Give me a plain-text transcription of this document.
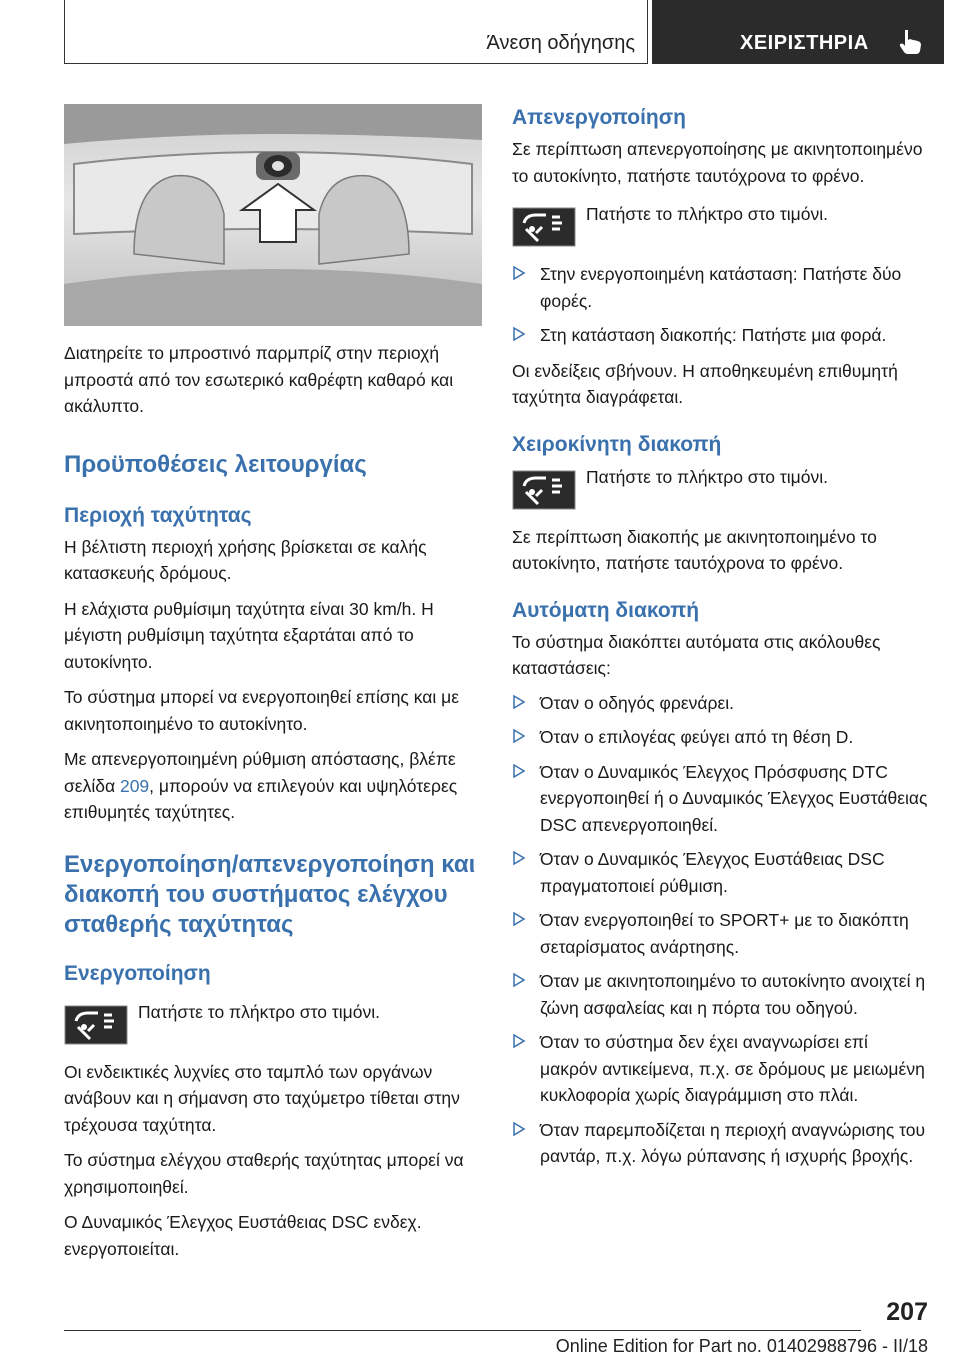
Άνεση οδήγησης	ΧΕΙΡΙΣΤΗΡΙΑ

Διατηρείτε το μπροστινό παρμπρίζ στην περιοχή μπροστά από τον εσωτερικό καθρέφτη καθαρό και ακάλυπτο.

Προϋποθέσεις λειτουργίας
Περιοχή ταχύτητας

Η βέλτιστη περιοχή χρήσης βρίσκεται σε καλής κατασκευής δρόμους.

Η ελάχιστα ρυθμίσιμη ταχύτητα είναι 30 km/h. Η μέγιστη ρυθμίσιμη ταχύτητα εξαρτάται από το αυτοκίνητο.

Το σύστημα μπορεί να ενεργοποιηθεί επίσης και με ακινητοποιημένο το αυτοκίνητο.

Με απενεργοποιημένη ρύθμιση απόστασης, βλέπε σελίδα 209, μπορούν να επιλεγούν και υψηλότερες επιθυμητές ταχύτητες.

Ενεργοποίηση/απενεργοποίηση και διακοπή του συστήματος ελέγχου σταθερής ταχύτητας
Ενεργοποίηση
Πατήστε το πλήκτρο στο τιμόνι.

Οι ενδεικτικές λυχνίες στο ταμπλό των οργάνων ανάβουν και η σήμανση στο ταχύμετρο τίθεται στην τρέχουσα ταχύτητα.

Το σύστημα ελέγχου σταθερής ταχύτητας μπορεί να χρησιμοποιηθεί.

Ο Δυναμικός Έλεγχος Ευστάθειας DSC ενδεχ. ενεργοποιείται.

Απενεργοποίηση

Σε περίπτωση απενεργοποίησης με ακινητοποιημένο το αυτοκίνητο, πατήστε ταυτόχρονα το φρένο.

Πατήστε το πλήκτρο στο τιμόνι.
Στην ενεργοποιημένη κατάσταση: Πατήστε δύο φορές.
Στη κατάσταση διακοπής: Πατήστε μια φορά.

Οι ενδείξεις σβήνουν. Η αποθηκευμένη επιθυμητή ταχύτητα διαγράφεται.

Χειροκίνητη διακοπή
Πατήστε το πλήκτρο στο τιμόνι.

Σε περίπτωση διακοπής με ακινητοποιημένο το αυτοκίνητο, πατήστε ταυτόχρονα το φρένο.

Αυτόματη διακοπή

Το σύστημα διακόπτει αυτόματα στις ακόλουθες καταστάσεις:

Όταν ο οδηγός φρενάρει.
Όταν ο επιλογέας φεύγει από τη θέση D.
Όταν ο Δυναμικός Έλεγχος Πρόσφυσης DTC ενεργοποιηθεί ή ο Δυναμικός Έλεγχος Ευστάθειας DSC απενεργοποιηθεί.
Όταν ο Δυναμικός Έλεγχος Ευστάθειας DSC πραγματοποιεί ρύθμιση.
Όταν ενεργοποιηθεί το SPORT+ με το διακόπτη σεταρίσματος ανάρτησης.
Όταν με ακινητοποιημένο το αυτοκίνητο ανοιχτεί η ζώνη ασφαλείας και η πόρτα του οδηγού.
Όταν το σύστημα δεν έχει αναγνωρίσει επί μακρόν αντικείμενα, π.χ. σε δρόμους με μειωμένη κυκλοφορία χωρίς διαγράμμιση στο πλάι.
Όταν παρεμποδίζεται η περιοχή αναγνώρισης του ραντάρ, π.χ. λόγω ρύπανσης ή ισχυρής βροχής.
207
Online Edition for Part no. 01402988796 - II/18
